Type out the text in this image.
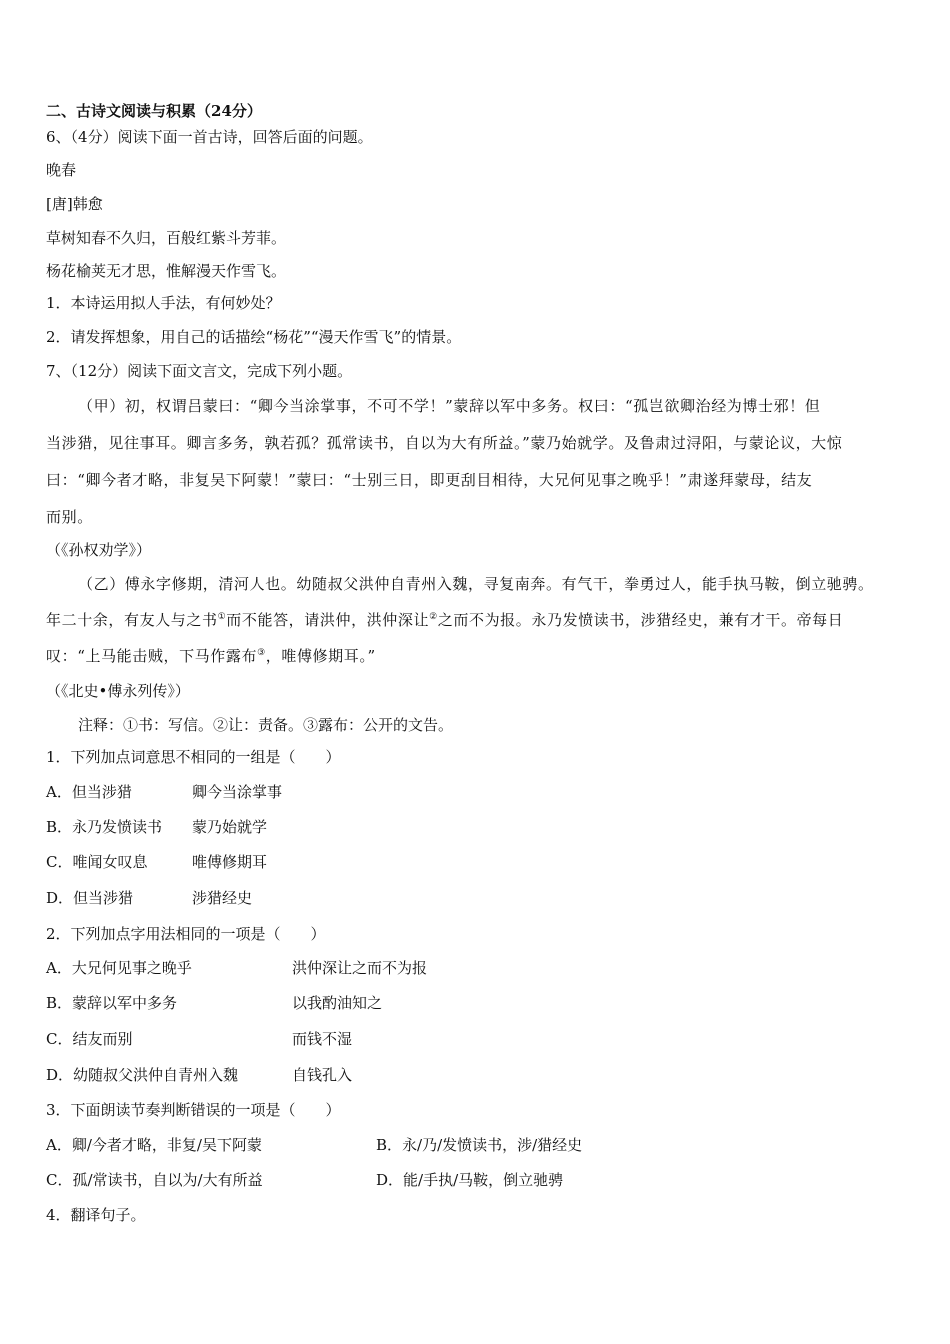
二、古诗文阅读与积累（24分）
6、（4分）阅读下面一首古诗，回答后面的问题。
晚春
[唐]韩愈
草树知春不久归，百般红紫斗芳菲。
杨花榆荚无才思，惟解漫天作雪飞。
1．本诗运用拟人手法，有何妙处？
2．请发挥想象，用自己的话描绘“杨花”“漫天作雪飞”的情景。
7、（12分）阅读下面文言文，完成下列小题。
（甲）初，权谓吕蒙曰：“卿今当涂掌事，不可不学！”蒙辞以军中多务。权曰：“孤岂欲卿治经为博士邪！但
当涉猎，见往事耳。卿言多务，孰若孤？孤常读书，自以为大有所益。”蒙乃始就学。及鲁肃过浔阳，与蒙论议，大惊
曰：“卿今者才略，非复吴下阿蒙！”蒙曰：“士别三日，即更刮目相待，大兄何见事之晚乎！”肃遂拜蒙母，结友
而别。
（《孙权劝学》）
（乙）傅永字修期，清河人也。幼随叔父洪仲自青州入魏，寻复南奔。有气干，拳勇过人，能手执马鞍，倒立驰骋。
年二十余，有友人与之书①而不能答，请洪仲，洪仲深让②之而不为报。永乃发愤读书，涉猎经史，兼有才干。帝每日
叹：“上马能击贼，下马作露布③，唯傅修期耳。”
（《北史•傅永列传》）
注释：①书：写信。②让：责备。③露布：公开的文告。
1．下列加点词意思不相同的一组是（　　）
A．但当涉猎	卿今当涂掌事
B．永乃发愤读书 蒙乃始就学
C．唯闻女叹息	唯傅修期耳
D．但当涉猎	涉猎经史
2．下列加点字用法相同的一项是（　　）
A．大兄何见事之晚乎	洪仲深让之而不为报
B．蒙辞以军中多务	以我酌油知之
C．结友而别	而钱不湿
D．幼随叔父洪仲自青州入魏	自钱孔入
3．下面朗读节奏判断错误的一项是（　　）
A．卿/今者才略，非复/吴下阿蒙	B．永/乃/发愤读书，涉/猎经史
C．孤/常读书，自以为/大有所益	D．能/手执/马鞍，倒立驰骋
4．翻译句子。
